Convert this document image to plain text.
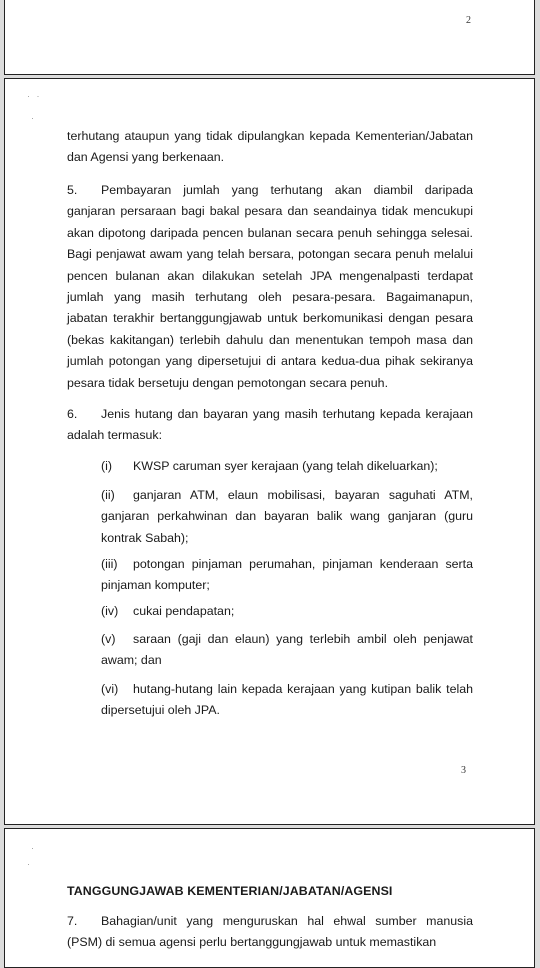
2
· ·
·

terhutang ataupun yang tidak dipulangkan kepada Kementerian/Jabatan dan Agensi yang berkenaan.

5. Pembayaran jumlah yang terhutang akan diambil daripada ganjaran persaraan bagi bakal pesara dan seandainya tidak mencukupi akan dipotong daripada pencen bulanan secara penuh sehingga selesai. Bagi penjawat awam yang telah bersara, potongan secara penuh melalui pencen bulanan akan dilakukan setelah JPA mengenalpasti terdapat jumlah yang masih terhutang oleh pesara-pesara. Bagaimanapun, jabatan terakhir bertanggungjawab untuk berkomunikasi dengan pesara (bekas kakitangan) terlebih dahulu dan menentukan tempoh masa dan jumlah potongan yang dipersetujui di antara kedua-dua pihak sekiranya pesara tidak bersetuju dengan pemotongan secara penuh.

6. Jenis hutang dan bayaran yang masih terhutang kepada kerajaan adalah termasuk:

(i) KWSP caruman syer kerajaan (yang telah dikeluarkan);

(ii) ganjaran ATM, elaun mobilisasi, bayaran saguhati ATM, ganjaran perkahwinan dan bayaran balik wang ganjaran (guru kontrak Sabah);

(iii) potongan pinjaman perumahan, pinjaman kenderaan serta pinjaman komputer;

(iv) cukai pendapatan;

(v) saraan (gaji dan elaun) yang terlebih ambil oleh penjawat awam; dan

(vi) hutang-hutang lain kepada kerajaan yang kutipan balik telah dipersetujui oleh JPA.

3
·
·

TANGGUNGJAWAB KEMENTERIAN/JABATAN/AGENSI

7. Bahagian/unit yang menguruskan hal ehwal sumber manusia (PSM) di semua agensi perlu bertanggungjawab untuk memastikan
